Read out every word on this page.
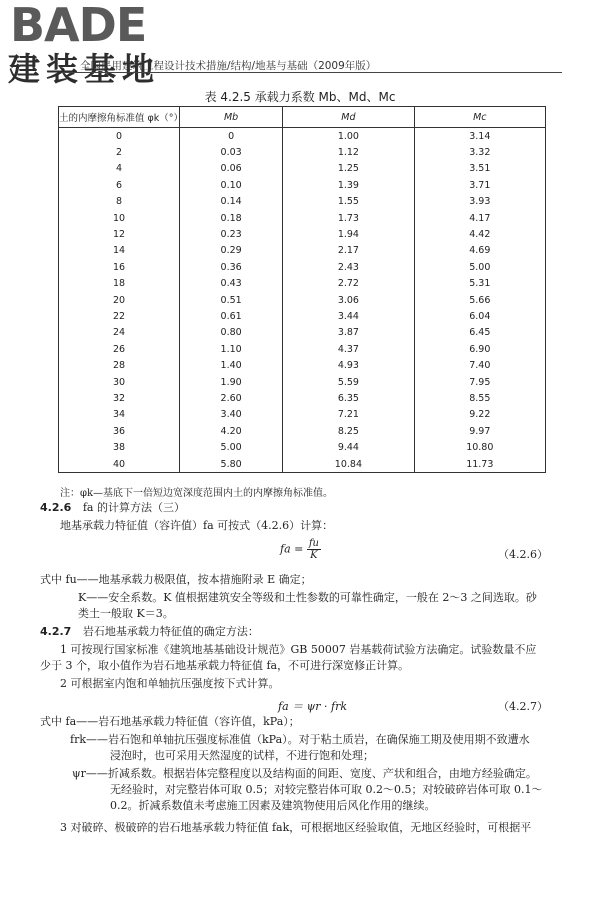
BADE
建装基地
全国民用建筑工程设计技术措施/结构/地基与基础（2009年版）
表 4.2.5 承载力系数 Mb、Md、Mc
土的内摩擦角标准值 φk（°）	Mb	Md	Mc
0	0	1.00	3.14
2	0.03	1.12	3.32
4	0.06	1.25	3.51
6	0.10	1.39	3.71
8	0.14	1.55	3.93
10	0.18	1.73	4.17
12	0.23	1.94	4.42
14	0.29	2.17	4.69
16	0.36	2.43	5.00
18	0.43	2.72	5.31
20	0.51	3.06	5.66
22	0.61	3.44	6.04
24	0.80	3.87	6.45
26	1.10	4.37	6.90
28	1.40	4.93	7.40
30	1.90	5.59	7.95
32	2.60	6.35	8.55
34	3.40	7.21	9.22
36	4.20	8.25	9.97
38	5.00	9.44	10.80
40	5.80	10.84	11.73
注：φk—基底下一倍短边宽深度范围内土的内摩擦角标准值。
4.2.6 fa 的计算方法（三）
地基承载力特征值（容许值）fa 可按式（4.2.6）计算：
fa = $\frac{fu}{K}$	（4.2.6）
式中 fu——地基承载力极限值，按本措施附录 E 确定；
K——安全系数。K 值根据建筑安全等级和土性参数的可靠性确定，一般在 2～3 之间选取。砂
类土一般取 K＝3。
4.2.7 岩石地基承载力特征值的确定方法：
1 可按现行国家标准《建筑地基基础设计规范》GB 50007 岩基载荷试验方法确定。试验数量不应
少于 3 个，取小值作为岩石地基承载力特征值 fa，不可进行深宽修正计算。
2 可根据室内饱和单轴抗压强度按下式计算。
fa ＝ ψr · frk	（4.2.7）
式中 fa——岩石地基承载力特征值（容许值，kPa）；
frk——岩石饱和单轴抗压强度标准值（kPa）。对于粘土质岩，在确保施工期及使用期不致遭水
浸泡时，也可采用天然湿度的试样，不进行饱和处理；
ψr——折减系数。根据岩体完整程度以及结构面的间距、宽度、产状和组合，由地方经验确定。
无经验时，对完整岩体可取 0.5；对较完整岩体可取 0.2～0.5；对较破碎岩体可取 0.1～
0.2。折减系数值未考虑施工因素及建筑物使用后风化作用的继续。
3 对破碎、极破碎的岩石地基承载力特征值 fak，可根据地区经验取值，无地区经验时，可根据平
